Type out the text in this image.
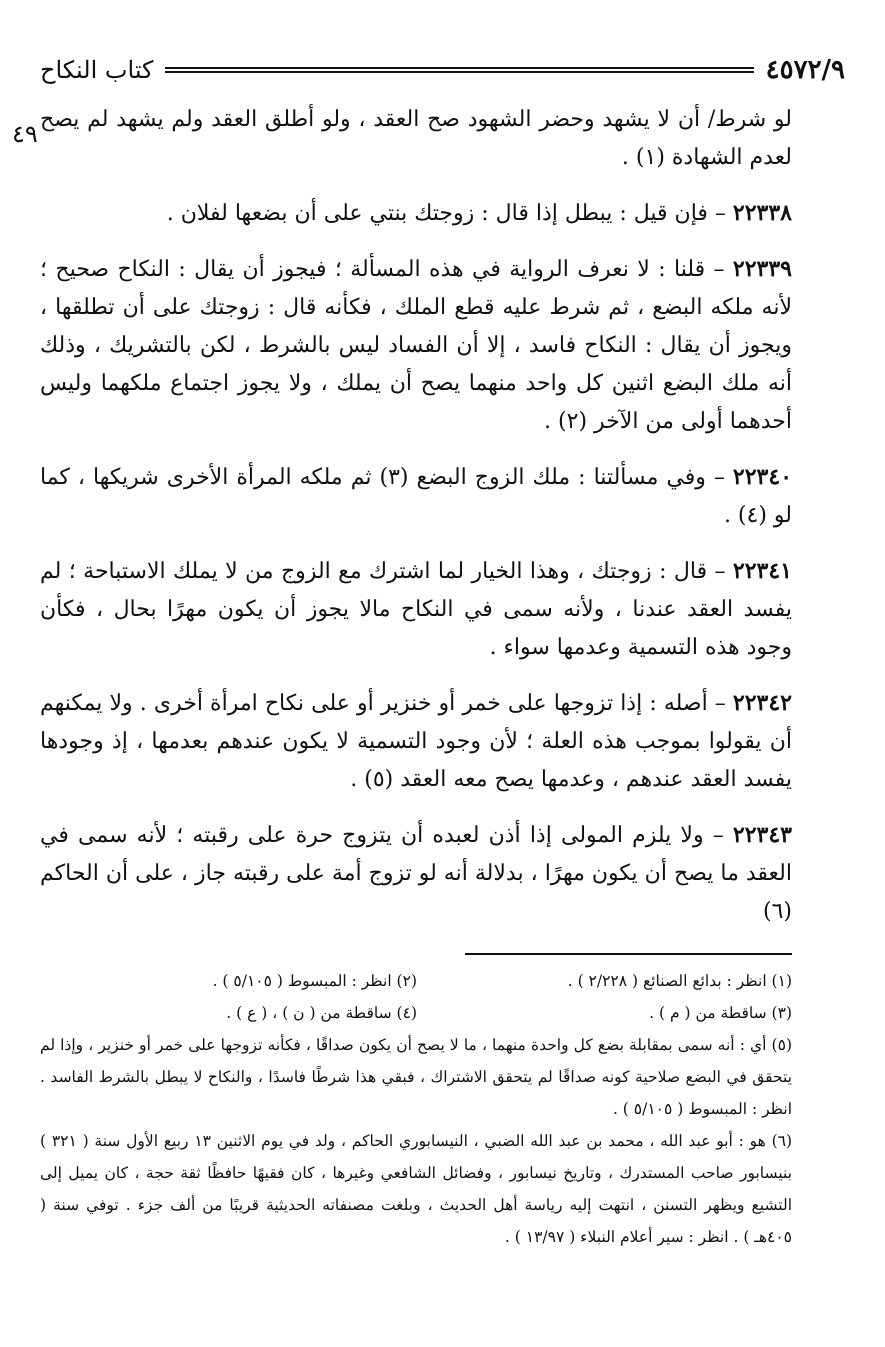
كتاب النكاح	٤٥٧٢/٩
٤٩

لو شرط/ أن لا يشهد وحضر الشهود صح العقد ، ولو أطلق العقد ولم يشهد لم يصح لعدم الشهادة (١) .

٢٢٣٣٨ – فإن قيل : يبطل إذا قال : زوجتك بنتي على أن بضعها لفلان .

٢٢٣٣٩ – قلنا : لا نعرف الرواية في هذه المسألة ؛ فيجوز أن يقال : النكاح صحيح ؛ لأنه ملكه البضع ، ثم شرط عليه قطع الملك ، فكأنه قال : زوجتك على أن تطلقها ، ويجوز أن يقال : النكاح فاسد ، إلا أن الفساد ليس بالشرط ، لكن بالتشريك ، وذلك أنه ملك البضع اثنين كل واحد منهما يصح أن يملك ، ولا يجوز اجتماع ملكهما وليس أحدهما أولى من الآخر (٢) .

٢٢٣٤٠ – وفي مسألتنا : ملك الزوج البضع (٣) ثم ملكه المرأة الأخرى شريكها ، كما لو (٤) .

٢٢٣٤١ – قال : زوجتك ، وهذا الخيار لما اشترك مع الزوج من لا يملك الاستباحة ؛ لم يفسد العقد عندنا ، ولأنه سمى في النكاح مالا يجوز أن يكون مهرًا بحال ، فكأن وجود هذه التسمية وعدمها سواء .

٢٢٣٤٢ – أصله : إذا تزوجها على خمر أو خنزير أو على نكاح امرأة أخرى . ولا يمكنهم أن يقولوا بموجب هذه العلة ؛ لأن وجود التسمية لا يكون عندهم بعدمها ، إذ وجودها يفسد العقد عندهم ، وعدمها يصح معه العقد (٥) .

٢٢٣٤٣ – ولا يلزم المولى إذا أذن لعبده أن يتزوج حرة على رقبته ؛ لأنه سمى في العقد ما يصح أن يكون مهرًا ، بدلالة أنه لو تزوج أمة على رقبته جاز ، على أن الحاكم (٦)

(١) انظر : بدائع الصنائع ( ٢/٢٢٨ ) .
(٢) انظر : المبسوط ( ٥/١٠٥ ) .
(٣) ساقطة من ( م ) .
(٤) ساقطة من ( ن ) ، ( ع ) .

(٥) أي : أنه سمى بمقابلة بضع كل واحدة منهما ، ما لا يصح أن يكون صداقًا ، فكأنه تزوجها على خمر أو خنزير ، وإذا لم يتحقق في البضع صلاحية كونه صداقًا لم يتحقق الاشتراك ، فبقي هذا شرطًا فاسدًا ، والنكاح لا يبطل بالشرط الفاسد . انظر : المبسوط ( ٥/١٠٥ ) .

(٦) هو : أبو عبد الله ، محمد بن عبد الله الضبي ، النيسابوري الحاكم ، ولد في يوم الاثنين ١٣ ربيع الأول سنة ( ٣٢١ ) بنيسابور صاحب المستدرك ، وتاريخ نيسابور ، وفضائل الشافعي وغيرها ، كان فقيهًا حافظًا ثقة حجة ، كان يميل إلى التشيع ويظهر التسنن ، انتهت إليه رياسة أهل الحديث ، وبلغت مصنفاته الحديثية قريبًا من ألف جزء . توفي سنة ( ٤٠٥هـ ) . انظر : سير أعلام النبلاء ( ١٣/٩٧ ) .
